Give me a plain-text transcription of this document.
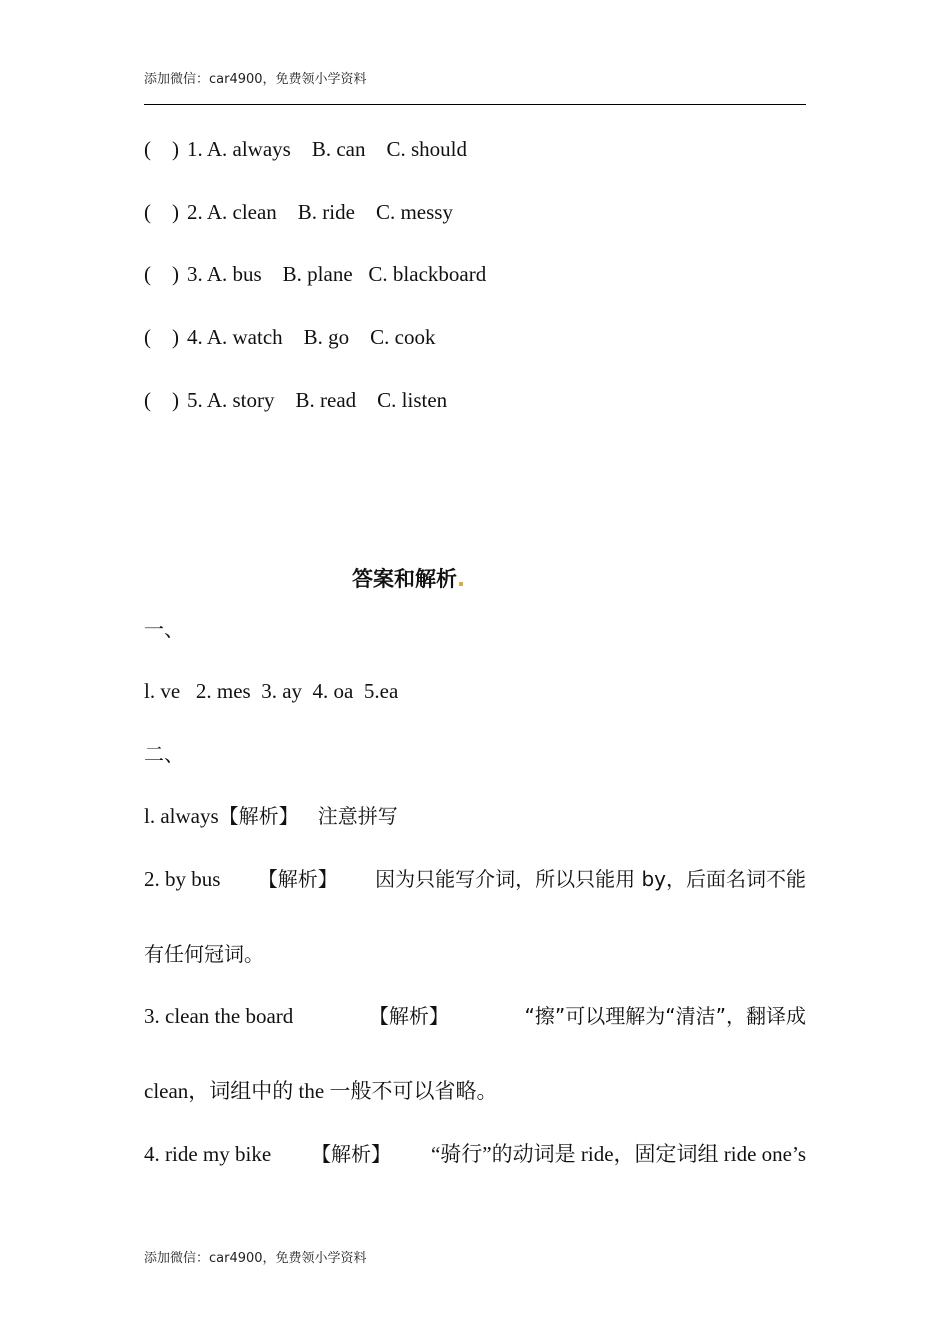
添加微信：car4900，免费领小学资料
(    ) 1. A. always    B. can    C. should
(    ) 2. A. clean    B. ride    C. messy
(    ) 3. A. bus    B. plane   C. blackboard
(    ) 4. A. watch    B. go    C. cook
(    ) 5. A. story    B. read    C. listen
答案和解析.
一、
l. ve   2. mes  3. ay  4. oa  5.ea
二、
l. always【解析】 注意拼写
2. by bus 【解析】 因为只能写介词，所以只能用 by，后面名词不能
有任何冠词。
3. clean the board	【解析】	“擦”可以理解为“清洁”，翻译成
clean，词组中的 the 一般不可以省略。
4. ride my bike 【解析】 “骑行”的动词是 ride，固定词组 ride one’s
添加微信：car4900，免费领小学资料
